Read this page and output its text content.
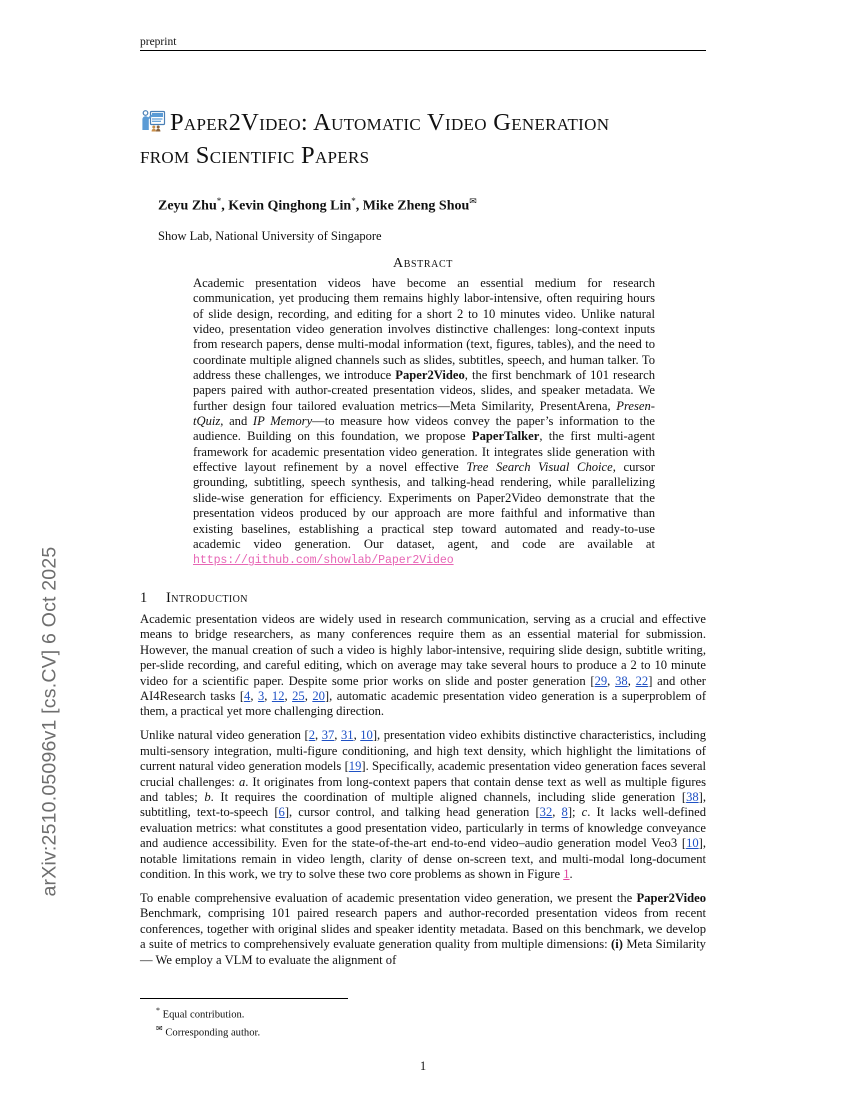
arXiv:2510.05096v1 [cs.CV] 6 Oct 2025
preprint
Paper2Video: Automatic Video Generation
from Scientific Papers
Zeyu Zhu*, Kevin Qinghong Lin*, Mike Zheng Shou✉
Show Lab, National University of Singapore
Abstract
Academic presentation videos have become an essential medium for research communication, yet producing them remains highly labor-intensive, often requiring hours of slide design, recording, and editing for a short 2 to 10 minutes video. Unlike natural video, presentation video generation involves distinctive challenges: long-context inputs from research papers, dense multi-modal information (text, figures, tables), and the need to coordinate multiple aligned channels such as slides, subtitles, speech, and human talker. To address these challenges, we introduce Paper2Video, the first benchmark of 101 research papers paired with author-created presentation videos, slides, and speaker metadata. We further design four tailored evaluation metrics—Meta Similarity, PresentArena, Presen-tQuiz, and IP Memory—to measure how videos convey the paper’s information to the audience. Building on this foundation, we propose PaperTalker, the first multi-agent framework for academic presentation video generation. It integrates slide generation with effective layout refinement by a novel effective Tree Search Visual Choice, cursor grounding, subtitling, speech synthesis, and talking-head rendering, while parallelizing slide-wise generation for efficiency. Experiments on Paper2Video demonstrate that the presentation videos produced by our approach are more faithful and informative than existing baselines, establishing a practical step toward automated and ready-to-use academic video generation. Our dataset, agent, and code are available at https://github.com/showlab/Paper2Video
1 Introduction

Academic presentation videos are widely used in research communication, serving as a crucial and effective means to bridge researchers, as many conferences require them as an essential material for submission. However, the manual creation of such a video is highly labor-intensive, requiring slide design, subtitle writing, per-slide recording, and careful editing, which on average may take several hours to produce a 2 to 10 minute video for a scientific paper. Despite some prior works on slide and poster generation [29, 38, 22] and other AI4Research tasks [4, 3, 12, 25, 20], automatic academic presentation video generation is a superproblem of them, a practical yet more challenging direction.

Unlike natural video generation [2, 37, 31, 10], presentation video exhibits distinctive characteristics, including multi-sensory integration, multi-figure conditioning, and high text density, which highlight the limitations of current natural video generation models [19]. Specifically, academic presentation video generation faces several crucial challenges: a. It originates from long-context papers that contain dense text as well as multiple figures and tables; b. It requires the coordination of multiple aligned channels, including slide generation [38], subtitling, text-to-speech [6], cursor control, and talking head generation [32, 8]; c. It lacks well-defined evaluation metrics: what constitutes a good presentation video, particularly in terms of knowledge conveyance and audience accessibility. Even for the state-of-the-art end-to-end video–audio generation model Veo3 [10], notable limitations remain in video length, clarity of dense on-screen text, and multi-modal long-document condition. In this work, we try to solve these two core problems as shown in Figure 1.

To enable comprehensive evaluation of academic presentation video generation, we present the Paper2Video Benchmark, comprising 101 paired research papers and author-recorded presentation videos from recent conferences, together with original slides and speaker identity metadata. Based on this benchmark, we develop a suite of metrics to comprehensively evaluate generation quality from multiple dimensions: (i) Meta Similarity — We employ a VLM to evaluate the alignment of

* Equal contribution.
✉ Corresponding author.
1
